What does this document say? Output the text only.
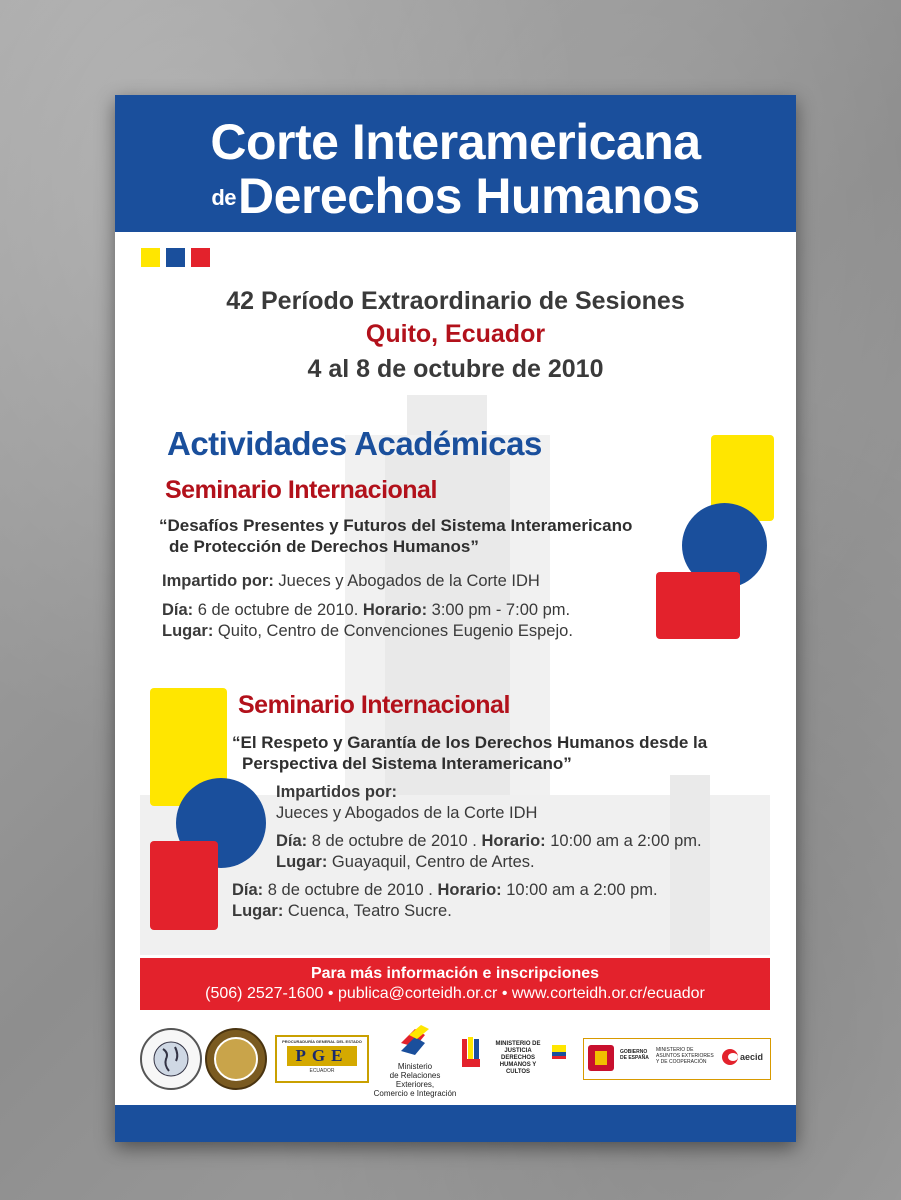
Corte Interamericana
deDerechos Humanos
42 Período Extraordinario de Sesiones
Quito, Ecuador
4 al 8 de octubre de 2010
Actividades Académicas
Seminario Internacional
“Desafíos Presentes y Futuros del Sistema Interamericano
de Protección de Derechos Humanos”
Impartido por: Jueces y Abogados de la Corte IDH
Día: 6 de octubre de 2010. Horario: 3:00 pm - 7:00 pm.
Lugar: Quito, Centro de Convenciones Eugenio Espejo.
Seminario Internacional
“El Respeto y Garantía de los Derechos Humanos desde la
Perspectiva del Sistema Interamericano”
Impartidos por:
Jueces y Abogados de la Corte IDH
Día: 8 de octubre de 2010 . Horario: 10:00 am a 2:00 pm.
Lugar: Guayaquil, Centro de Artes.
Día: 8 de octubre de 2010 . Horario: 10:00 am a 2:00 pm.
Lugar: Cuenca, Teatro Sucre.
Para más información e inscripciones
(506) 2527-1600 • publica@corteidh.or.cr • www.corteidh.or.cr/ecuador
PROCURADURÍA GENERAL DEL ESTADO
PGE
ECUADOR	Ministerio
de Relaciones Exteriores,
Comercio e Integración
MINISTERIO DE JUSTICIA DERECHOS HUMANOS Y CULTOS
GOBIERNO DE ESPAÑA
MINISTERIO DE ASUNTOS EXTERIORES Y DE COOPERACIÓN	aecid
